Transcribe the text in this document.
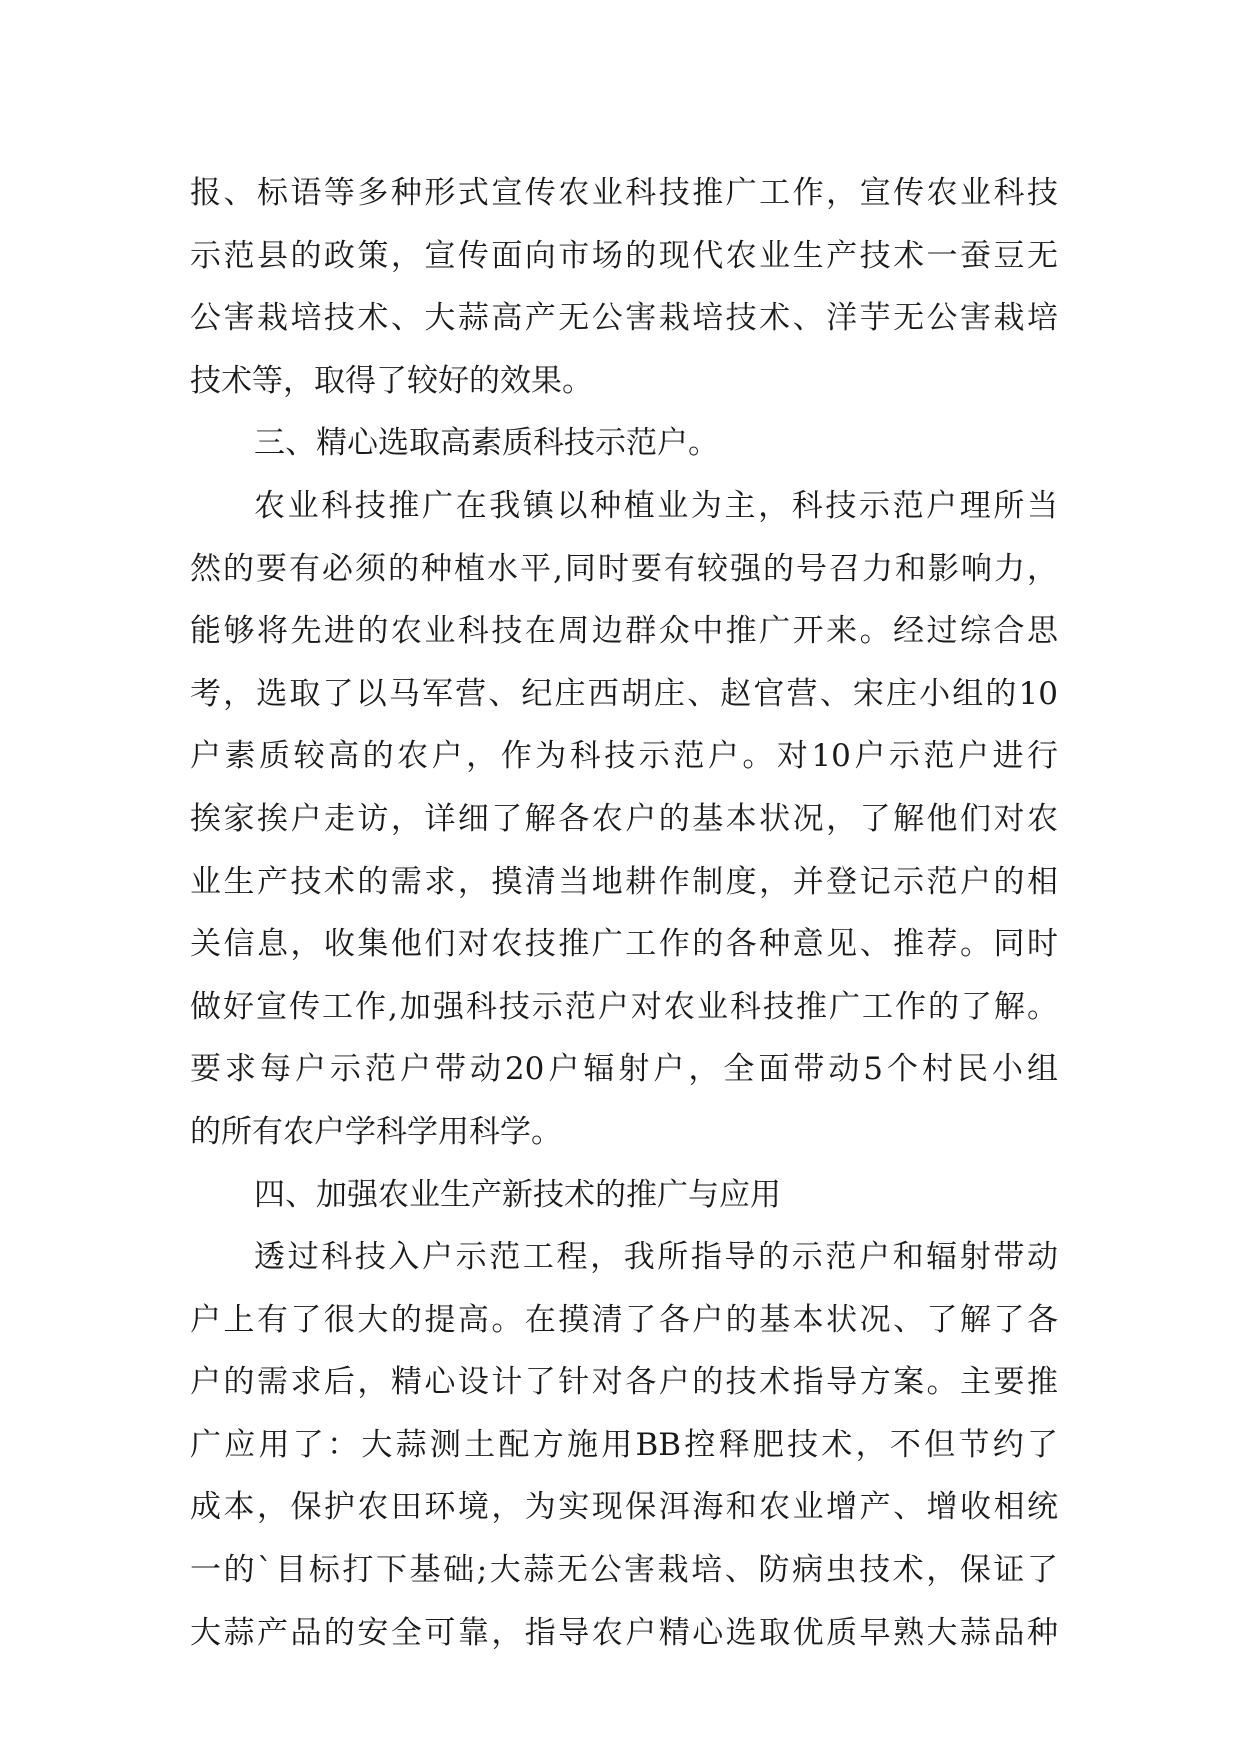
报、标语等多种形式宣传农业科技推广工作，宣传农业科技
示范县的政策，宣传面向市场的现代农业生产技术一蚕豆无
公害栽培技术、大蒜高产无公害栽培技术、洋芋无公害栽培
技术等，取得了较好的效果。
三、精心选取高素质科技示范户。
农业科技推广在我镇以种植业为主，科技示范户理所当
然的要有必须的种植水平,同时要有较强的号召力和影响力，
能够将先进的农业科技在周边群众中推广开来。经过综合思
考，选取了以马军营、纪庄西胡庄、赵官营、宋庄小组的10
户素质较高的农户，作为科技示范户。对10户示范户进行
挨家挨户走访，详细了解各农户的基本状况，了解他们对农
业生产技术的需求，摸清当地耕作制度，并登记示范户的相
关信息，收集他们对农技推广工作的各种意见、推荐。同时
做好宣传工作,加强科技示范户对农业科技推广工作的了解。
要求每户示范户带动20户辐射户，全面带动5个村民小组
的所有农户学科学用科学。
四、加强农业生产新技术的推广与应用
透过科技入户示范工程，我所指导的示范户和辐射带动
户上有了很大的提高。在摸清了各户的基本状况、了解了各
户的需求后，精心设计了针对各户的技术指导方案。主要推
广应用了：大蒜测土配方施用BB控释肥技术，不但节约了
成本，保护农田环境，为实现保洱海和农业增产、增收相统
一的`目标打下基础;大蒜无公害栽培、防病虫技术，保证了
大蒜产品的安全可靠，指导农户精心选取优质早熟大蒜品种
